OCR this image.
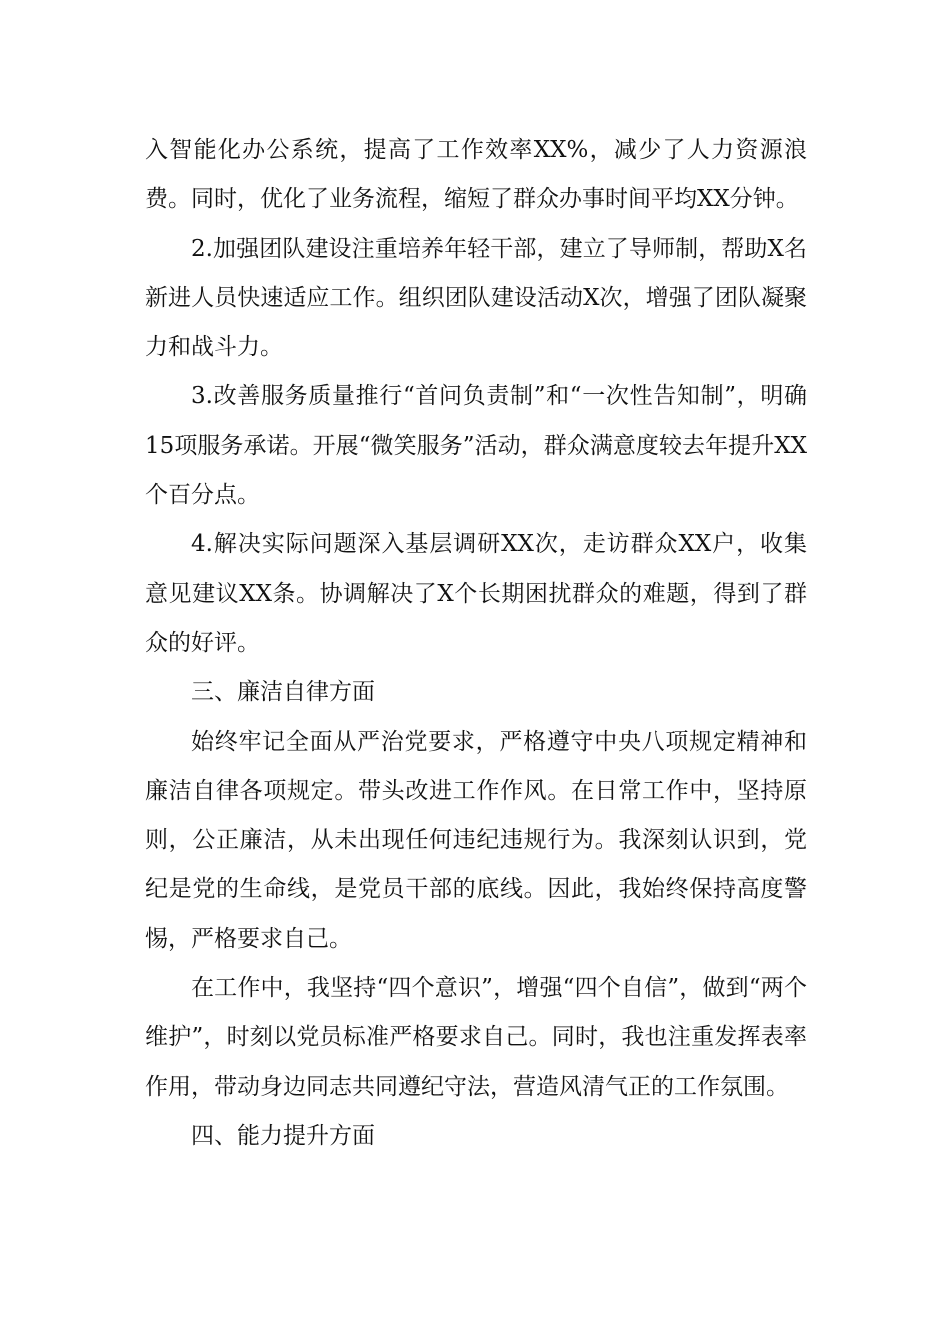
入智能化办公系统，提高了工作效率XX%，减少了人力资源浪费。同时，优化了业务流程，缩短了群众办事时间平均XX分钟。

2.加强团队建设注重培养年轻干部，建立了导师制，帮助X名新进人员快速适应工作。组织团队建设活动X次，增强了团队凝聚力和战斗力。

3.改善服务质量推行“首问负责制”和“一次性告知制”，明确15项服务承诺。开展“微笑服务”活动，群众满意度较去年提升XX个百分点。

4.解决实际问题深入基层调研XX次，走访群众XX户，收集意见建议XX条。协调解决了X个长期困扰群众的难题，得到了群众的好评。

三、廉洁自律方面

始终牢记全面从严治党要求，严格遵守中央八项规定精神和廉洁自律各项规定。带头改进工作作风。在日常工作中，坚持原则，公正廉洁，从未出现任何违纪违规行为。我深刻认识到，党纪是党的生命线，是党员干部的底线。因此，我始终保持高度警惕，严格要求自己。

在工作中，我坚持“四个意识”，增强“四个自信”，做到“两个维护”，时刻以党员标准严格要求自己。同时，我也注重发挥表率作用，带动身边同志共同遵纪守法，营造风清气正的工作氛围。

四、能力提升方面
